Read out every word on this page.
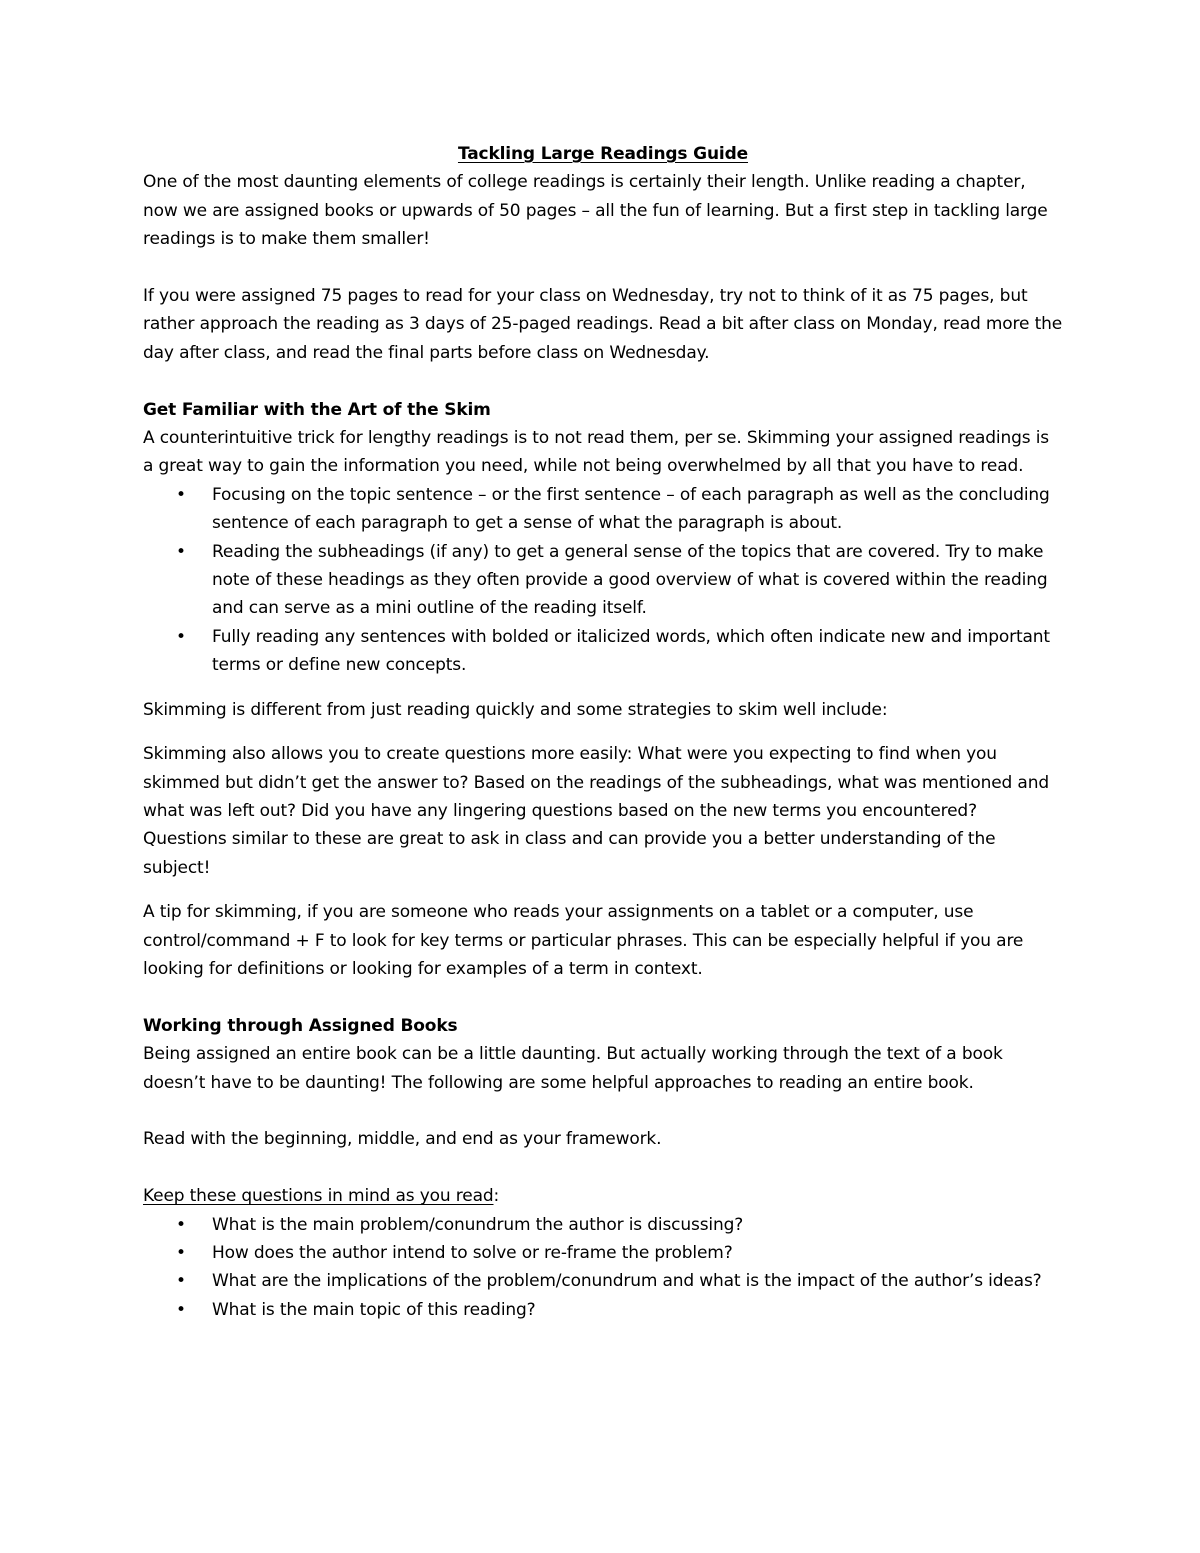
Tackling Large Readings Guide

One of the most daunting elements of college readings is certainly their length. Unlike reading a chapter, now we are assigned books or upwards of 50 pages – all the fun of learning. But a first step in tackling large readings is to make them smaller!

If you were assigned 75 pages to read for your class on Wednesday, try not to think of it as 75 pages, but rather approach the reading as 3 days of 25-paged readings. Read a bit after class on Monday, read more the day after class, and read the final parts before class on Wednesday.

Get Familiar with the Art of the Skim

A counterintuitive trick for lengthy readings is to not read them, per se. Skimming your assigned readings is a great way to gain the information you need, while not being overwhelmed by all that you have to read.

• Focusing on the topic sentence – or the first sentence – of each paragraph as well as the concluding sentence of each paragraph to get a sense of what the paragraph is about.
• Reading the subheadings (if any) to get a general sense of the topics that are covered. Try to make note of these headings as they often provide a good overview of what is covered within the reading and can serve as a mini outline of the reading itself.
• Fully reading any sentences with bolded or italicized words, which often indicate new and important terms or define new concepts.

Skimming is different from just reading quickly and some strategies to skim well include:

Skimming also allows you to create questions more easily: What were you expecting to find when you skimmed but didn’t get the answer to? Based on the readings of the subheadings, what was mentioned and what was left out? Did you have any lingering questions based on the new terms you encountered? Questions similar to these are great to ask in class and can provide you a better understanding of the subject!

A tip for skimming, if you are someone who reads your assignments on a tablet or a computer, use control/command + F to look for key terms or particular phrases. This can be especially helpful if you are looking for definitions or looking for examples of a term in context.

Working through Assigned Books

Being assigned an entire book can be a little daunting. But actually working through the text of a book doesn’t have to be daunting! The following are some helpful approaches to reading an entire book.

Read with the beginning, middle, and end as your framework.

Keep these questions in mind as you read:

• What is the main problem/conundrum the author is discussing?
• How does the author intend to solve or re-frame the problem?
• What are the implications of the problem/conundrum and what is the impact of the author’s ideas?
• What is the main topic of this reading?
